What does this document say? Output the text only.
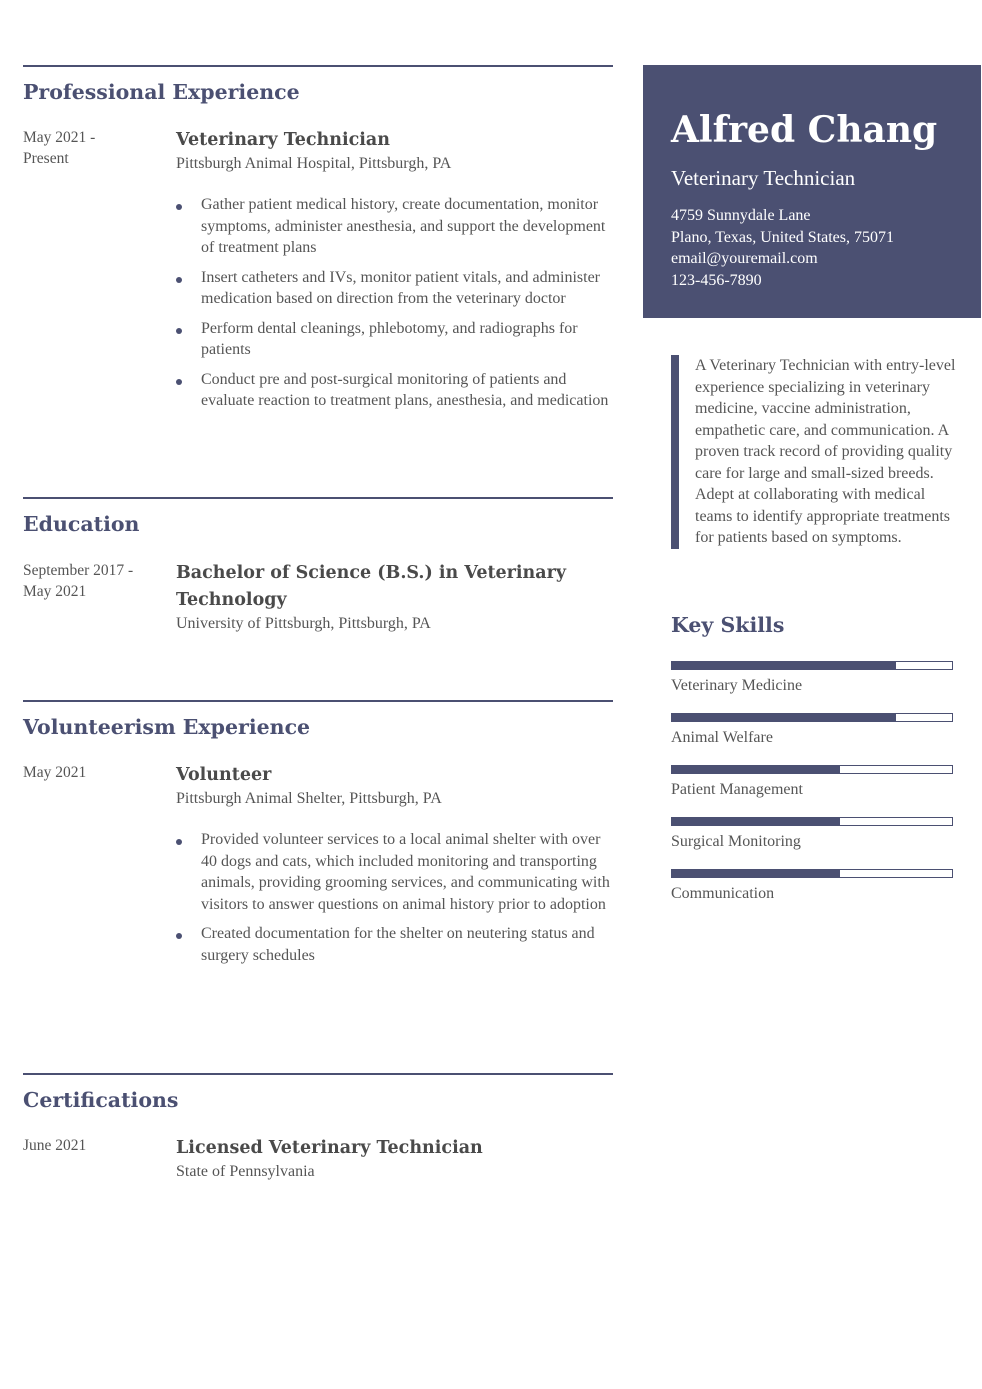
Professional Experience
May 2021 -
Present
Veterinary Technician
Pittsburgh Animal Hospital, Pittsburgh, PA
Gather patient medical history, create documentation, monitor symptoms, administer anesthesia, and support the development of treatment plans
Insert catheters and IVs, monitor patient vitals, and administer medication based on direction from the veterinary doctor
Perform dental cleanings, phlebotomy, and radiographs for patients
Conduct pre and post-surgical monitoring of patients and evaluate reaction to treatment plans, anesthesia, and medication
Education
September 2017 -
May 2021
Bachelor of Science (B.S.) in Veterinary Technology
University of Pittsburgh, Pittsburgh, PA
Volunteerism Experience
May 2021	Volunteer
Pittsburgh Animal Shelter, Pittsburgh, PA
Provided volunteer services to a local animal shelter with over 40 dogs and cats, which included monitoring and transporting animals, providing grooming services, and communicating with visitors to answer questions on animal history prior to adoption
Created documentation for the shelter on neutering status and surgery schedules
Certifications
June 2021	Licensed Veterinary Technician
State of Pennsylvania
Alfred Chang
Veterinary Technician
4759 Sunnydale Lane
Plano, Texas, United States, 75071
email@youremail.com
123-456-7890
A Veterinary Technician with entry-level experience specializing in veterinary medicine, vaccine administration, empathetic care, and communication. A proven track record of providing quality care for large and small-sized breeds. Adept at collaborating with medical teams to identify appropriate treatments for patients based on symptoms.
Key Skills
Veterinary Medicine
Animal Welfare
Patient Management
Surgical Monitoring
Communication
